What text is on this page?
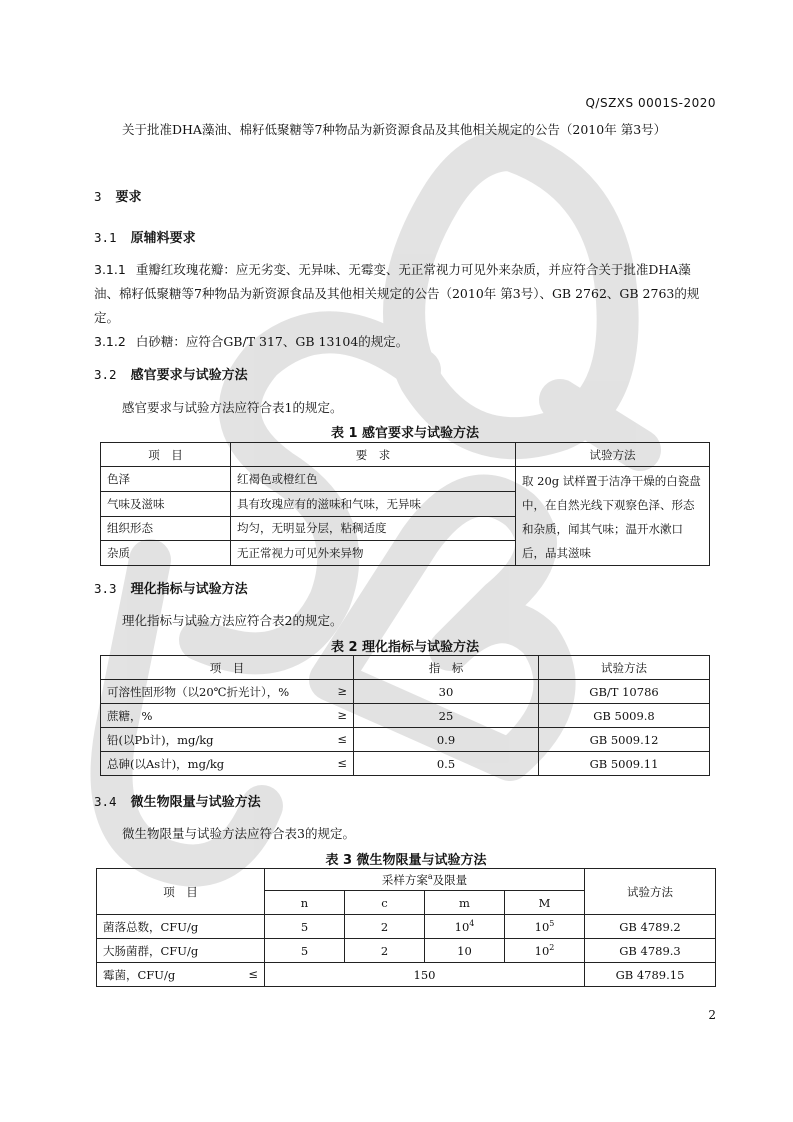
Q/SZXS 0001S-2020
关于批准DHA藻油、棉籽低聚糖等7种物品为新资源食品及其他相关规定的公告（2010年 第3号）
3 要求
3.1 原辅料要求
3.1.1 重瓣红玫瑰花瓣：应无劣变、无异味、无霉变、无正常视力可见外来杂质，并应符合关于批准DHA藻油、棉籽低聚糖等7种物品为新资源食品及其他相关规定的公告（2010年 第3号）、GB 2762、GB 2763的规定。
3.1.2 白砂糖：应符合GB/T 317、GB 13104的规定。
3.2 感官要求与试验方法
感官要求与试验方法应符合表1的规定。
表 1 感官要求与试验方法
项　目	要　求	试验方法
色泽	红褐色或橙红色	取 20g 试样置于洁净干燥的白瓷盘中，在自然光线下观察色泽、形态和杂质，闻其气味；温开水漱口后，品其滋味
气味及滋味	具有玫瑰应有的滋味和气味，无异味	
组织形态	均匀，无明显分层，粘稠适度	
杂质	无正常视力可见外来异物	
3.3 理化指标与试验方法
理化指标与试验方法应符合表2的规定。
表 2 理化指标与试验方法
项　目	指　标	试验方法
可溶性固形物（以20℃折光计），% ≥	30	GB/T 10786
蔗糖，% ≥	25	GB 5009.8
铅(以Pb计)，mg/kg ≤	0.9	GB 5009.12
总砷(以As计)，mg/kg ≤	0.5	GB 5009.11
3.4 微生物限量与试验方法
微生物限量与试验方法应符合表3的规定。
表 3 微生物限量与试验方法
项　目	采样方案$^a$及限量				试验方法
	n	c	m	M	
菌落总数，CFU/g	5	2	$10^4$	$10^5$	GB 4789.2
大肠菌群，CFU/g	5	2	10	$10^2$	GB 4789.3
霉菌，CFU/g ≤	150				GB 4789.15
2
